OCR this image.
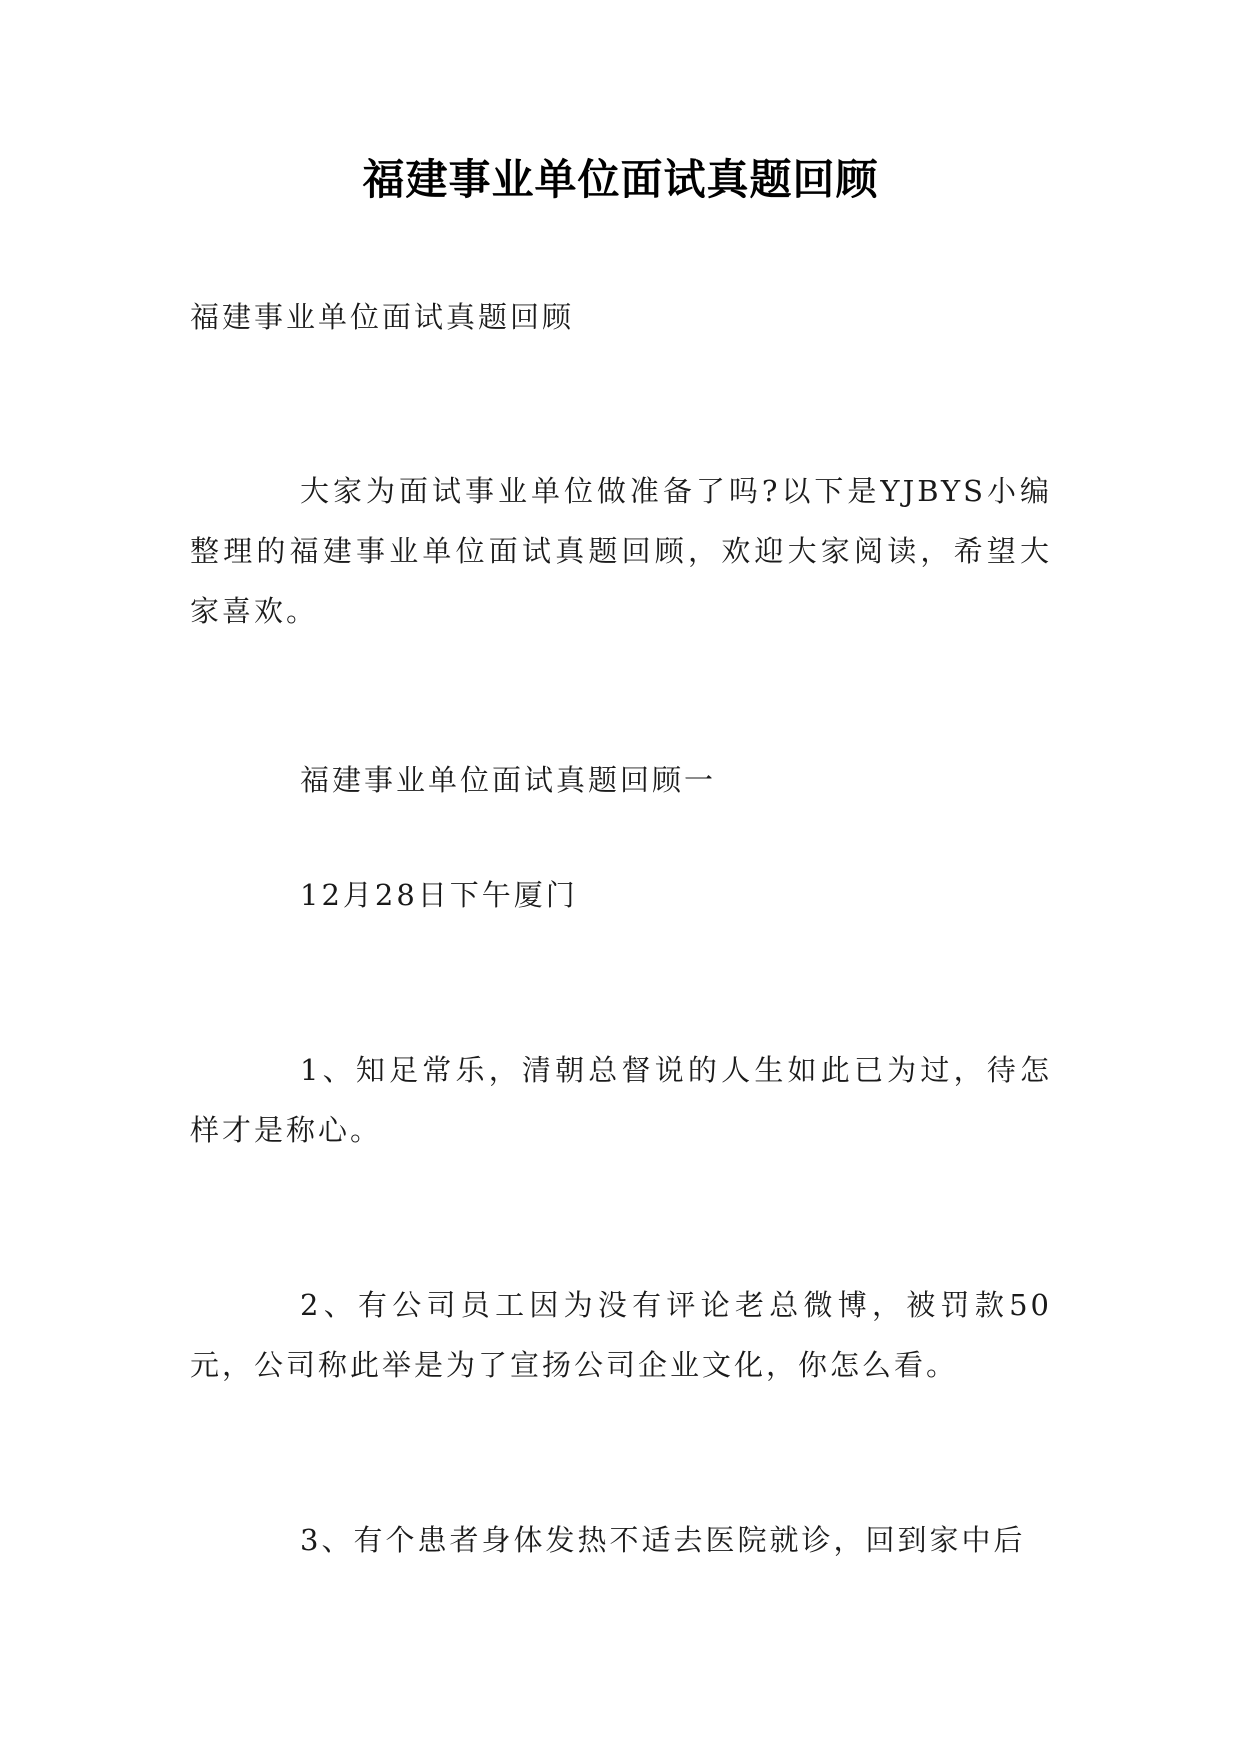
福建事业单位面试真题回顾

福建事业单位面试真题回顾

大家为面试事业单位做准备了吗?以下是YJBYS小编整理的福建事业单位面试真题回顾，欢迎大家阅读，希望大家喜欢。

福建事业单位面试真题回顾一

12月28日下午厦门

1、知足常乐，清朝总督说的人生如此已为过，待怎样才是称心。

2、有公司员工因为没有评论老总微博，被罚款50元，公司称此举是为了宣扬公司企业文化，你怎么看。

3、有个患者身体发热不适去医院就诊，回到家中后
